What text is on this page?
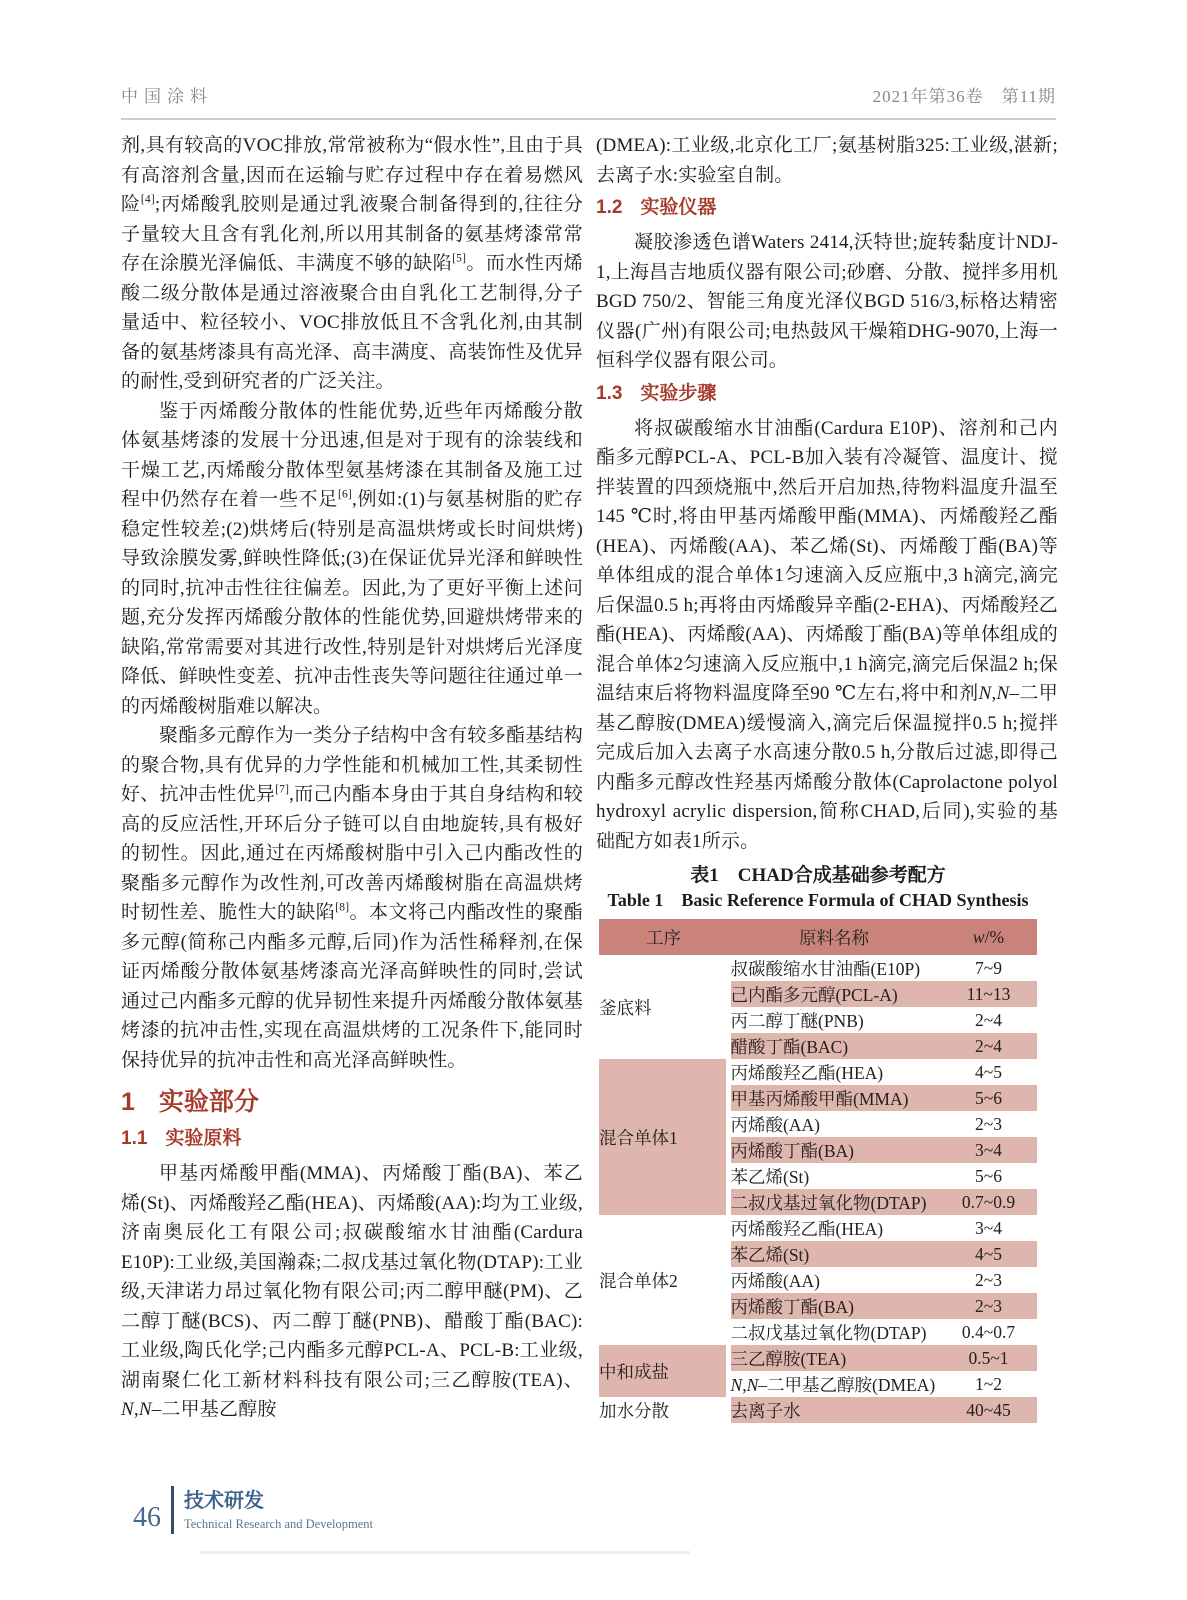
中国涂料	2021年第36卷　第11期

剂,具有较高的VOC排放,常常被称为“假水性”,且由于具有高溶剂含量,因而在运输与贮存过程中存在着易燃风险[4];丙烯酸乳胶则是通过乳液聚合制备得到的,往往分子量较大且含有乳化剂,所以用其制备的氨基烤漆常常存在涂膜光泽偏低、丰满度不够的缺陷[5]。而水性丙烯酸二级分散体是通过溶液聚合由自乳化工艺制得,分子量适中、粒径较小、VOC排放低且不含乳化剂,由其制备的氨基烤漆具有高光泽、高丰满度、高装饰性及优异的耐性,受到研究者的广泛关注。

鉴于丙烯酸分散体的性能优势,近些年丙烯酸分散体氨基烤漆的发展十分迅速,但是对于现有的涂装线和干燥工艺,丙烯酸分散体型氨基烤漆在其制备及施工过程中仍然存在着一些不足[6],例如:(1)与氨基树脂的贮存稳定性较差;(2)烘烤后(特别是高温烘烤或长时间烘烤)导致涂膜发雾,鲜映性降低;(3)在保证优异光泽和鲜映性的同时,抗冲击性往往偏差。因此,为了更好平衡上述问题,充分发挥丙烯酸分散体的性能优势,回避烘烤带来的缺陷,常常需要对其进行改性,特别是针对烘烤后光泽度降低、鲜映性变差、抗冲击性丧失等问题往往通过单一的丙烯酸树脂难以解决。

聚酯多元醇作为一类分子结构中含有较多酯基结构的聚合物,具有优异的力学性能和机械加工性,其柔韧性好、抗冲击性优异[7],而己内酯本身由于其自身结构和较高的反应活性,开环后分子链可以自由地旋转,具有极好的韧性。因此,通过在丙烯酸树脂中引入己内酯改性的聚酯多元醇作为改性剂,可改善丙烯酸树脂在高温烘烤时韧性差、脆性大的缺陷[8]。本文将己内酯改性的聚酯多元醇(简称己内酯多元醇,后同)作为活性稀释剂,在保证丙烯酸分散体氨基烤漆高光泽高鲜映性的同时,尝试通过己内酯多元醇的优异韧性来提升丙烯酸分散体氨基烤漆的抗冲击性,实现在高温烘烤的工况条件下,能同时保持优异的抗冲击性和高光泽高鲜映性。

1 实验部分
1.1 实验原料

甲基丙烯酸甲酯(MMA)、丙烯酸丁酯(BA)、苯乙烯(St)、丙烯酸羟乙酯(HEA)、丙烯酸(AA):均为工业级,济南奥辰化工有限公司;叔碳酸缩水甘油酯(Cardura E10P):工业级,美国瀚森;二叔戊基过氧化物(DTAP):工业级,天津诺力昂过氧化物有限公司;丙二醇甲醚(PM)、乙二醇丁醚(BCS)、丙二醇丁醚(PNB)、醋酸丁酯(BAC):工业级,陶氏化学;己内酯多元醇PCL-A、PCL-B:工业级,湖南聚仁化工新材料科技有限公司;三乙醇胺(TEA)、N,N–二甲基乙醇胺

(DMEA):工业级,北京化工厂;氨基树脂325:工业级,湛新;去离子水:实验室自制。

1.2 实验仪器

凝胶渗透色谱Waters 2414,沃特世;旋转黏度计NDJ-1,上海昌吉地质仪器有限公司;砂磨、分散、搅拌多用机BGD 750/2、智能三角度光泽仪BGD 516/3,标格达精密仪器(广州)有限公司;电热鼓风干燥箱DHG-9070,上海一恒科学仪器有限公司。

1.3 实验步骤

将叔碳酸缩水甘油酯(Cardura E10P)、溶剂和己内酯多元醇PCL-A、PCL-B加入装有冷凝管、温度计、搅拌装置的四颈烧瓶中,然后开启加热,待物料温度升温至145 ℃时,将由甲基丙烯酸甲酯(MMA)、丙烯酸羟乙酯(HEA)、丙烯酸(AA)、苯乙烯(St)、丙烯酸丁酯(BA)等单体组成的混合单体1匀速滴入反应瓶中,3 h滴完,滴完后保温0.5 h;再将由丙烯酸异辛酯(2-EHA)、丙烯酸羟乙酯(HEA)、丙烯酸(AA)、丙烯酸丁酯(BA)等单体组成的混合单体2匀速滴入反应瓶中,1 h滴完,滴完后保温2 h;保温结束后将物料温度降至90 ℃左右,将中和剂N,N–二甲基乙醇胺(DMEA)缓慢滴入,滴完后保温搅拌0.5 h;搅拌完成后加入去离子水高速分散0.5 h,分散后过滤,即得己内酯多元醇改性羟基丙烯酸分散体(Caprolactone polyol hydroxyl acrylic dispersion,简称CHAD,后同),实验的基础配方如表1所示。

表1　CHAD合成基础参考配方
Table 1　Basic Reference Formula of CHAD Synthesis
工序	原料名称	w/%
釜底料	叔碳酸缩水甘油酯(E10P)	7~9
	己内酯多元醇(PCL-A)	11~13
	丙二醇丁醚(PNB)	2~4
	醋酸丁酯(BAC)	2~4
混合单体1	丙烯酸羟乙酯(HEA)	4~5
	甲基丙烯酸甲酯(MMA)	5~6
	丙烯酸(AA)	2~3
	丙烯酸丁酯(BA)	3~4
	苯乙烯(St)	5~6
	二叔戊基过氧化物(DTAP)	0.7~0.9
混合单体2	丙烯酸羟乙酯(HEA)	3~4
	苯乙烯(St)	4~5
	丙烯酸(AA)	2~3
	丙烯酸丁酯(BA)	2~3
	二叔戊基过氧化物(DTAP)	0.4~0.7
中和成盐	三乙醇胺(TEA)	0.5~1
	N,N–二甲基乙醇胺(DMEA)	1~2
加水分散	去离子水	40~45
46
技术研发
Technical Research and Development
